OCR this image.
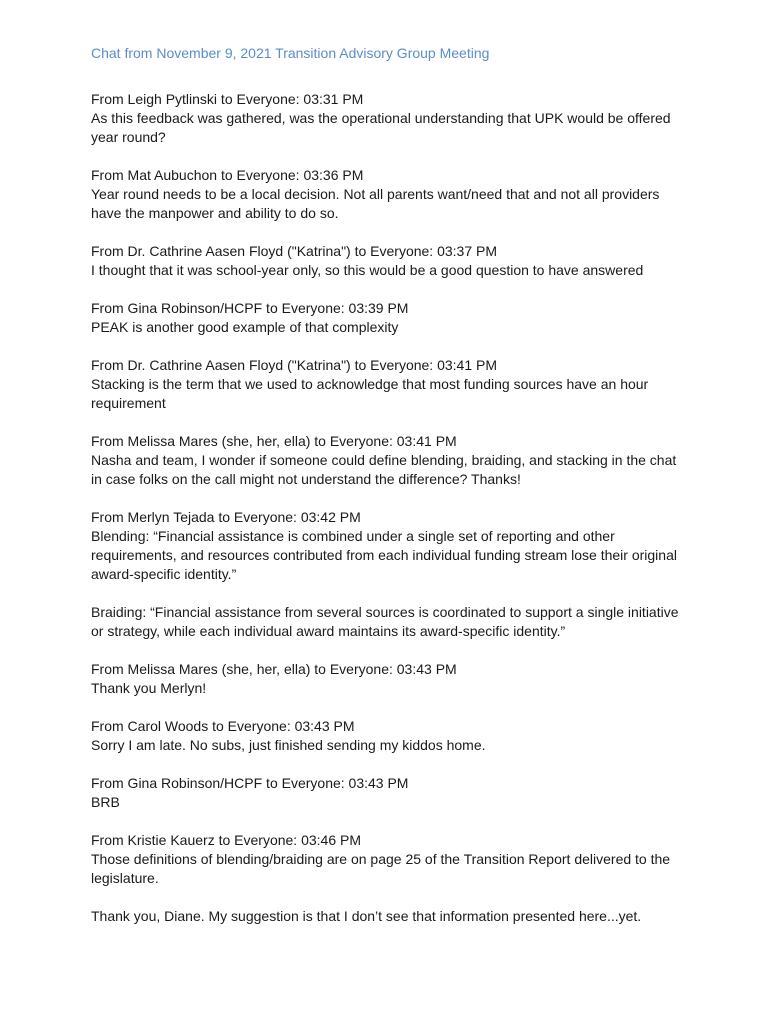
Chat from November 9, 2021 Transition Advisory Group Meeting

From Leigh Pytlinski to Everyone: 03:31 PM

As this feedback was gathered, was the operational understanding that UPK would be offered

year round?

From Mat Aubuchon to Everyone: 03:36 PM

Year round needs to be a local decision. Not all parents want/need that and not all providers

have the manpower and ability to do so.

From Dr. Cathrine Aasen Floyd ("Katrina") to Everyone: 03:37 PM

I thought that it was school-year only, so this would be a good question to have answered

From Gina Robinson/HCPF to Everyone: 03:39 PM

PEAK is another good example of that complexity

From Dr. Cathrine Aasen Floyd ("Katrina") to Everyone: 03:41 PM

Stacking is the term that we used to acknowledge that most funding sources have an hour

requirement

From Melissa Mares (she, her, ella) to Everyone: 03:41 PM

Nasha and team, I wonder if someone could define blending, braiding, and stacking in the chat

in case folks on the call might not understand the difference? Thanks!

From Merlyn Tejada to Everyone: 03:42 PM

Blending: “Financial assistance is combined under a single set of reporting and other

requirements, and resources contributed from each individual funding stream lose their original

award-specific identity.”

Braiding: “Financial assistance from several sources is coordinated to support a single initiative

or strategy, while each individual award maintains its award-specific identity.”

From Melissa Mares (she, her, ella) to Everyone: 03:43 PM

Thank you Merlyn!

From Carol Woods to Everyone: 03:43 PM

Sorry I am late. No subs, just finished sending my kiddos home.

From Gina Robinson/HCPF to Everyone: 03:43 PM

BRB

From Kristie Kauerz to Everyone: 03:46 PM

Those definitions of blending/braiding are on page 25 of the Transition Report delivered to the

legislature.

Thank you, Diane. My suggestion is that I don’t see that information presented here...yet.
